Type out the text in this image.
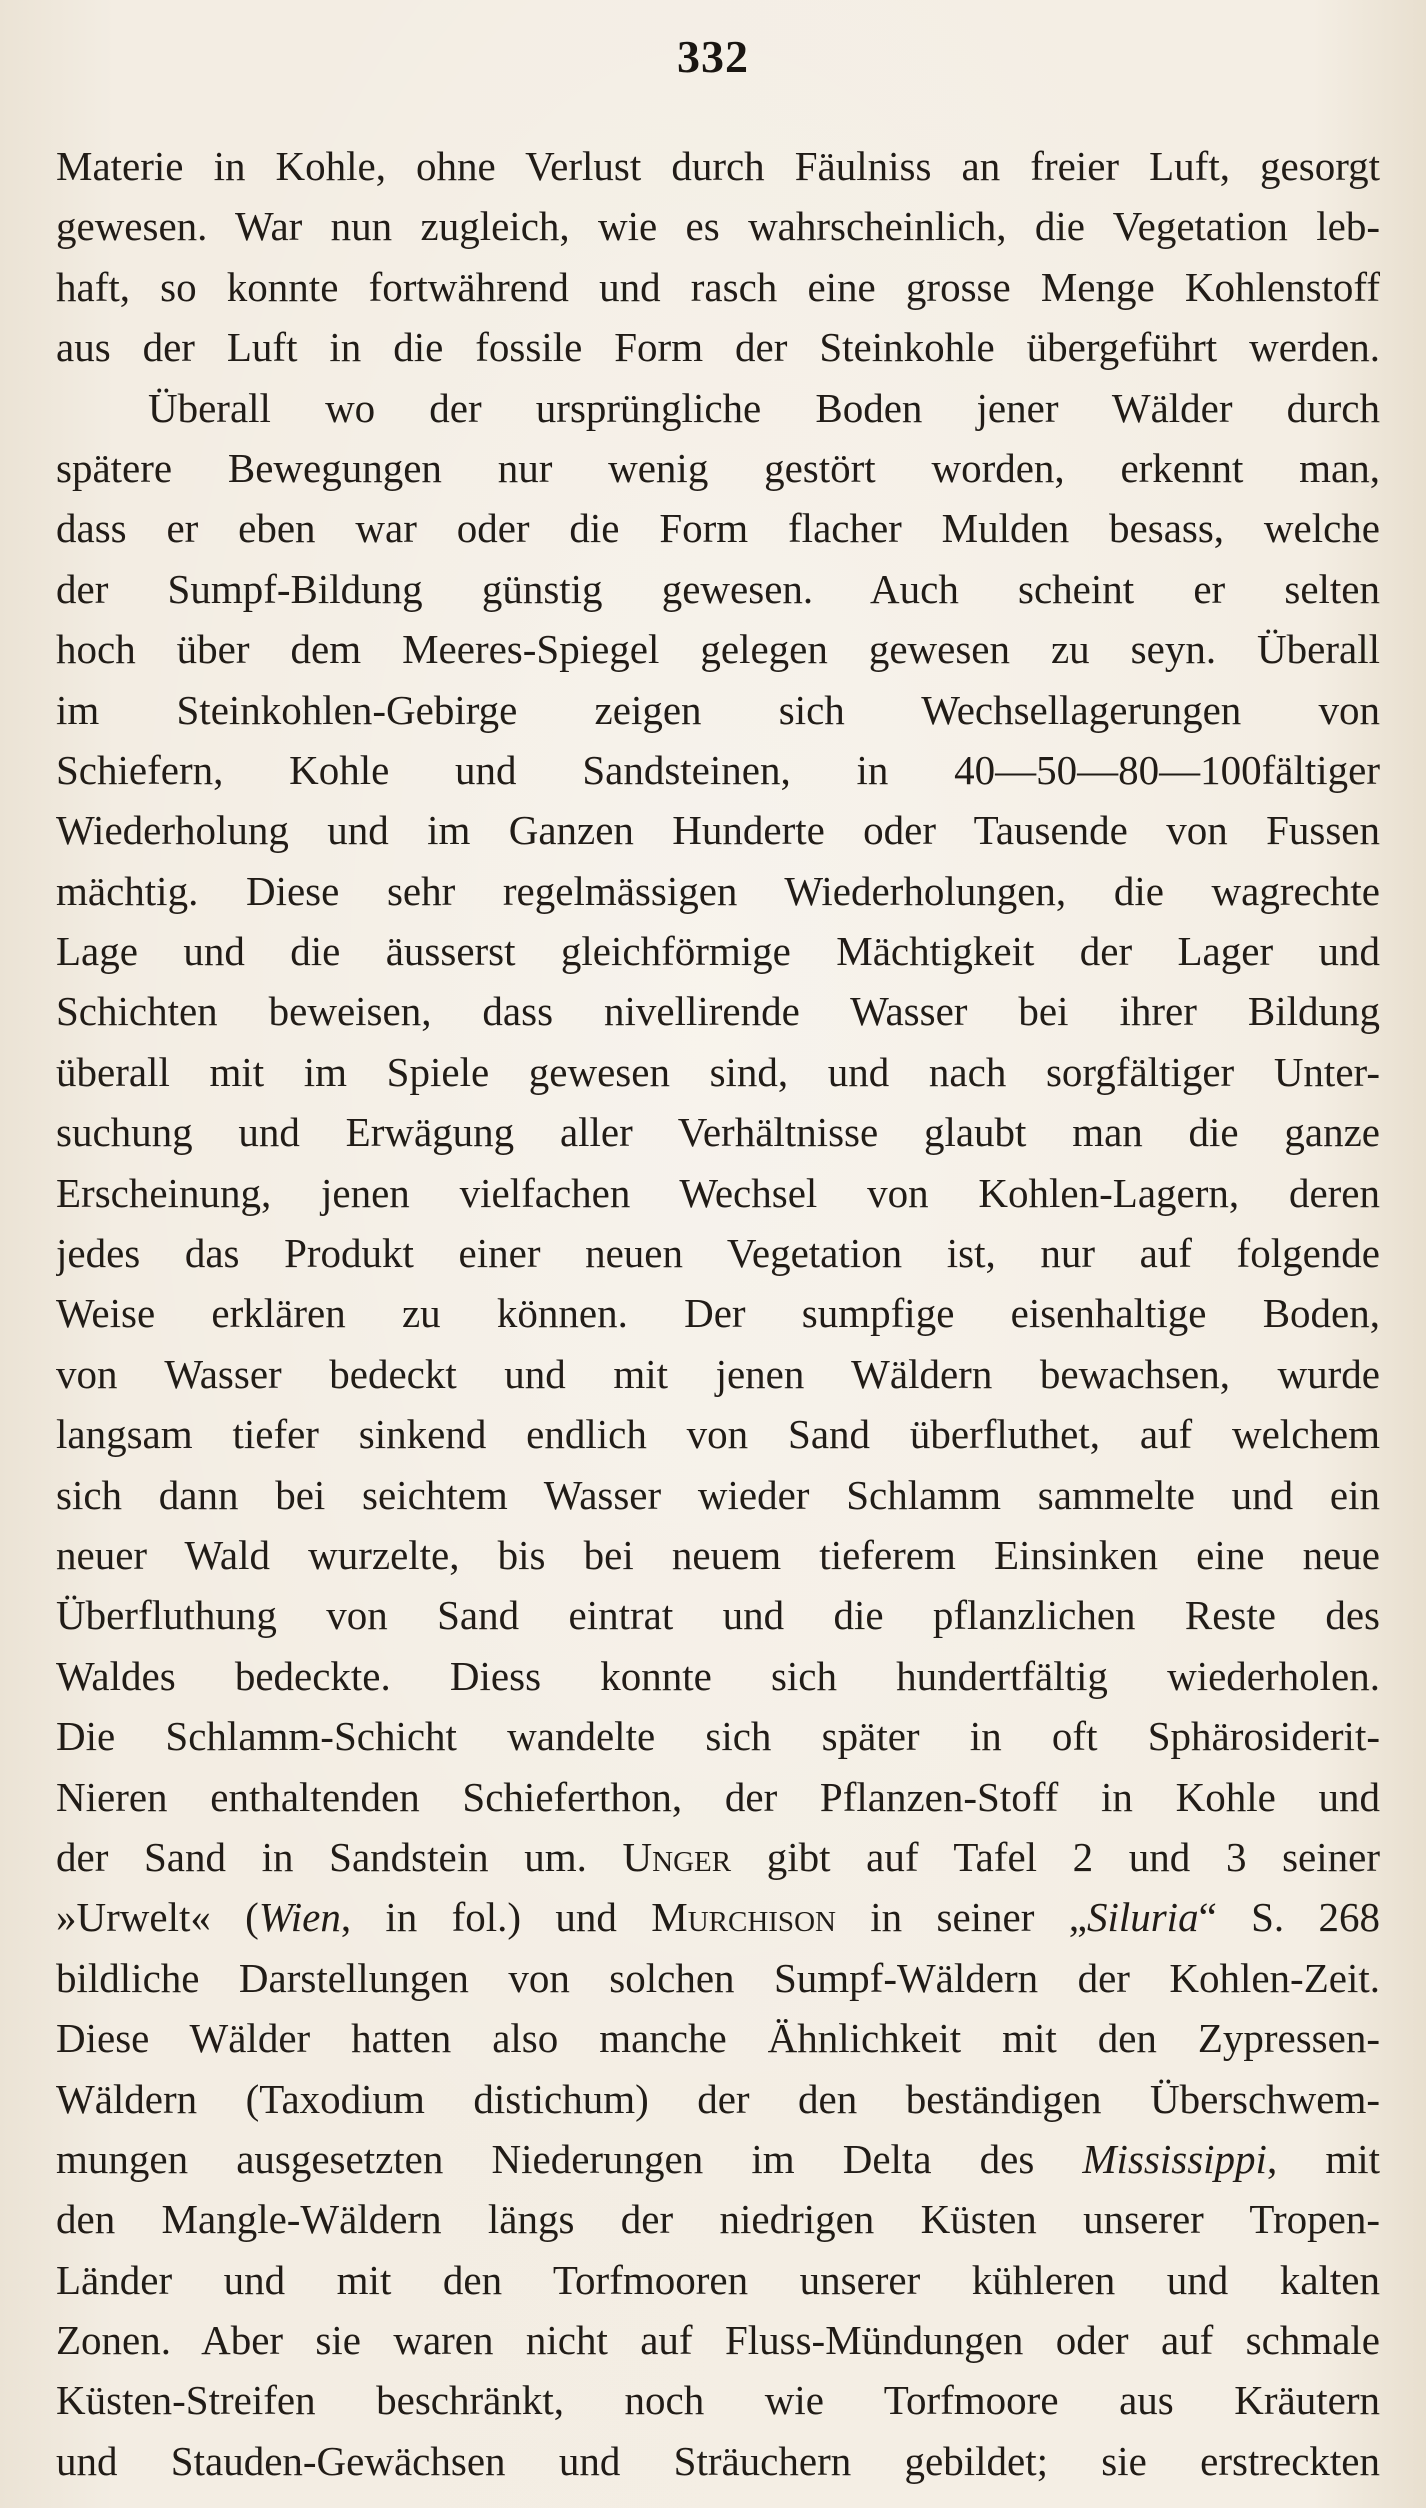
332
Materie in Kohle, ohne Verlust durch Fäulniss an freier Luft, gesorgt
gewesen. War nun zugleich, wie es wahrscheinlich, die Vegetation leb-
haft, so konnte fortwährend und rasch eine grosse Menge Kohlenstoff
aus der Luft in die fossile Form der Steinkohle übergeführt werden.
Überall wo der ursprüngliche Boden jener Wälder durch
spätere Bewegungen nur wenig gestört worden, erkennt man,
dass er eben war oder die Form flacher Mulden besass, welche
der Sumpf-Bildung günstig gewesen. Auch scheint er selten
hoch über dem Meeres-Spiegel gelegen gewesen zu seyn. Überall
im Steinkohlen-Gebirge zeigen sich Wechsellagerungen von
Schiefern, Kohle und Sandsteinen, in 40—50—80—100fältiger
Wiederholung und im Ganzen Hunderte oder Tausende von Fussen
mächtig. Diese sehr regelmässigen Wiederholungen, die wagrechte
Lage und die äusserst gleichförmige Mächtigkeit der Lager und
Schichten beweisen, dass nivellirende Wasser bei ihrer Bildung
überall mit im Spiele gewesen sind, und nach sorgfältiger Unter-
suchung und Erwägung aller Verhältnisse glaubt man die ganze
Erscheinung, jenen vielfachen Wechsel von Kohlen-Lagern, deren
jedes das Produkt einer neuen Vegetation ist, nur auf folgende
Weise erklären zu können. Der sumpfige eisenhaltige Boden,
von Wasser bedeckt und mit jenen Wäldern bewachsen, wurde
langsam tiefer sinkend endlich von Sand überfluthet, auf welchem
sich dann bei seichtem Wasser wieder Schlamm sammelte und ein
neuer Wald wurzelte, bis bei neuem tieferem Einsinken eine neue
Überfluthung von Sand eintrat und die pflanzlichen Reste des
Waldes bedeckte. Diess konnte sich hundertfältig wiederholen.
Die Schlamm-Schicht wandelte sich später in oft Sphärosiderit-
Nieren enthaltenden Schieferthon, der Pflanzen-Stoff in Kohle und
der Sand in Sandstein um. Unger gibt auf Tafel 2 und 3 seiner
»Urwelt« (Wien, in fol.) und Murchison in seiner „Siluria“ S. 268
bildliche Darstellungen von solchen Sumpf-Wäldern der Kohlen-Zeit.
Diese Wälder hatten also manche Ähnlichkeit mit den Zypressen-
Wäldern (Taxodium distichum) der den beständigen Überschwem-
mungen ausgesetzten Niederungen im Delta des Mississippi, mit
den Mangle-Wäldern längs der niedrigen Küsten unserer Tropen-
Länder und mit den Torfmooren unserer kühleren und kalten
Zonen. Aber sie waren nicht auf Fluss-Mündungen oder auf schmale
Küsten-Streifen beschränkt, noch wie Torfmoore aus Kräutern
und Stauden-Gewächsen und Sträuchern gebildet; sie erstreckten
